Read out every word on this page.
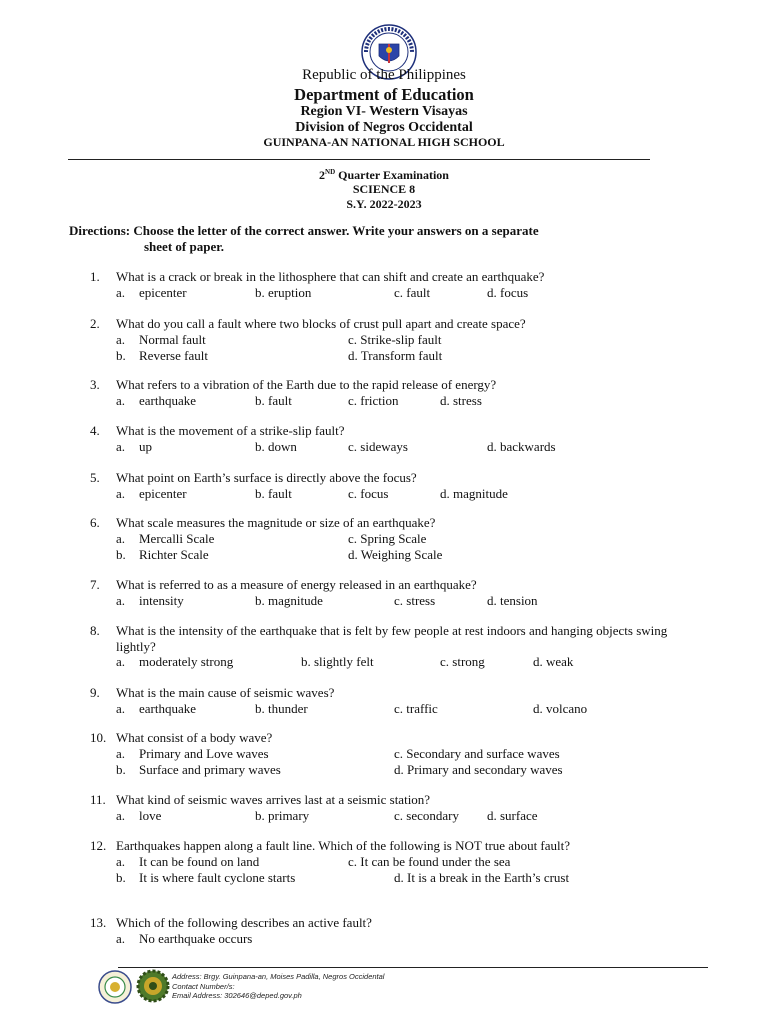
Republic of the Philippines
Department of Education
Region VI- Western Visayas
Division of Negros Occidental
GUINPANA-AN NATIONAL HIGH SCHOOL
2ND Quarter Examination
SCIENCE 8
S.Y. 2022-2023
Directions: Choose the letter of the correct answer. Write your answers on a separate
sheet of paper.
1.	What is a crack or break in the lithosphere that can shift and create an earthquake?
a. epicenter	b. eruption	c. fault	d. focus
2.	What do you call a fault where two blocks of crust pull apart and create space?
a. Normal fault
b. Reverse fault
c. Strike-slip fault
d. Transform fault
3.	What refers to a vibration of the Earth due to the rapid release of energy?
a. earthquake	b. fault	c. friction	d. stress
4.	What is the movement of a strike-slip fault?
a. up	b. down	c. sideways	d. backwards
5.	What point on Earth’s surface is directly above the focus?
a. epicenter	b. fault	c. focus	d. magnitude
6.	What scale measures the magnitude or size of an earthquake?
a. Mercalli Scale
b. Richter Scale
c. Spring Scale
d. Weighing Scale
7.	What is referred to as a measure of energy released in an earthquake?
a. intensity	b. magnitude	c. stress	d. tension
8.	What is the intensity of the earthquake that is felt by few people at rest indoors and hanging objects swing lightly?
a. moderately strong	b. slightly felt	c. strong	d. weak
9.	What is the main cause of seismic waves?
a. earthquake	b. thunder	c. traffic	d. volcano
10. What consist of a body wave?
a. Primary and Love waves
b. Surface and primary waves
c. Secondary and surface waves
d. Primary and secondary waves
11. What kind of seismic waves arrives last at a seismic station?
a. love	b. primary	c. secondary d. surface
12. Earthquakes happen along a fault line. Which of the following is NOT true about fault?
a. It can be found on land
b. It is where fault cyclone starts
c. It can be found under the sea
d. It is a break in the Earth’s crust
13. Which of the following describes an active fault?
a. No earthquake occurs
Address: Brgy. Guinpana-an, Moises Padilla, Negros Occidental
Contact Number/s:
Email Address: 302646@deped.gov.ph
